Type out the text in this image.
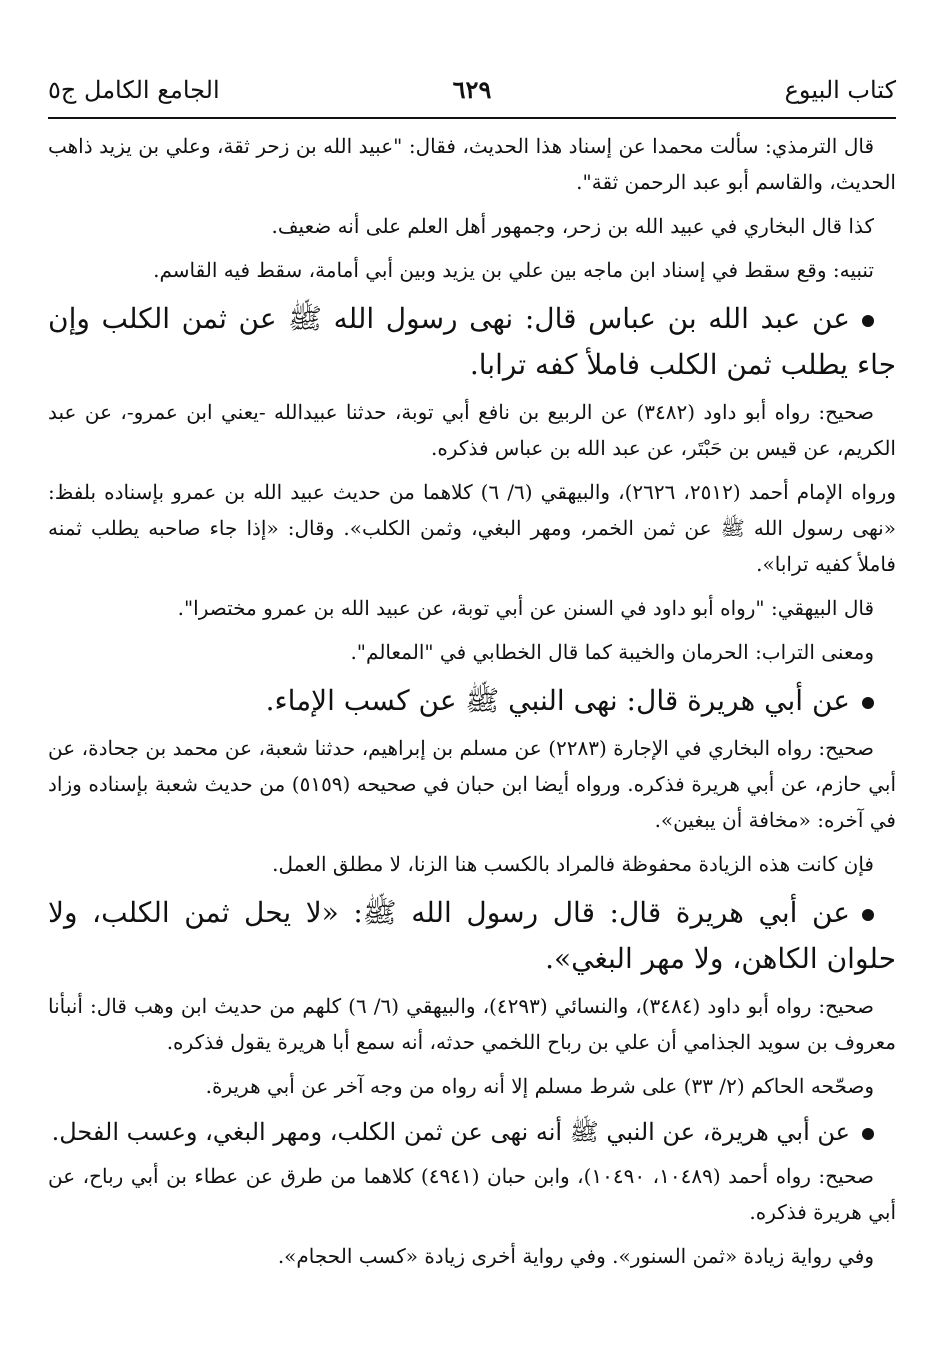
كتاب البيوع
٦٢٩
الجامع الكامل ج٥

قال الترمذي: سألت محمدا عن إسناد هذا الحديث، فقال: "عبيد الله بن زحر ثقة، وعلي بن يزيد ذاهب الحديث، والقاسم أبو عبد الرحمن ثقة".

كذا قال البخاري في عبيد الله بن زحر، وجمهور أهل العلم على أنه ضعيف.

تنبيه: وقع سقط في إسناد ابن ماجه بين علي بن يزيد وبين أبي أمامة، سقط فيه القاسم.

عن عبد الله بن عباس قال: نهى رسول الله ﷺ عن ثمن الكلب وإن جاء يطلب ثمن الكلب فاملأ كفه ترابا.

صحيح: رواه أبو داود (٣٤٨٢) عن الربيع بن نافع أبي توبة، حدثنا عبيدالله -يعني ابن عمرو-، عن عبد الكريم، عن قيس بن حَبْتَر، عن عبد الله بن عباس فذكره.

ورواه الإمام أحمد (٢٥١٢، ٢٦٢٦)، والبيهقي (٦/ ٦) كلاهما من حديث عبيد الله بن عمرو بإسناده بلفظ: «نهى رسول الله ﷺ عن ثمن الخمر، ومهر البغي، وثمن الكلب». وقال: «إذا جاء صاحبه يطلب ثمنه فاملأ كفيه ترابا».

قال البيهقي: "رواه أبو داود في السنن عن أبي توبة، عن عبيد الله بن عمرو مختصرا".

ومعنى التراب: الحرمان والخيبة كما قال الخطابي في "المعالم".

عن أبي هريرة قال: نهى النبي ﷺ عن كسب الإماء.

صحيح: رواه البخاري في الإجارة (٢٢٨٣) عن مسلم بن إبراهيم، حدثنا شعبة، عن محمد بن جحادة، عن أبي حازم، عن أبي هريرة فذكره. ورواه أيضا ابن حبان في صحيحه (٥١٥٩) من حديث شعبة بإسناده وزاد في آخره: «مخافة أن يبغين».

فإن كانت هذه الزيادة محفوظة فالمراد بالكسب هنا الزنا، لا مطلق العمل.

عن أبي هريرة قال: قال رسول الله ﷺ: «لا يحل ثمن الكلب، ولا حلوان الكاهن، ولا مهر البغي».

صحيح: رواه أبو داود (٣٤٨٤)، والنسائي (٤٢٩٣)، والبيهقي (٦/ ٦) كلهم من حديث ابن وهب قال: أنبأنا معروف بن سويد الجذامي أن علي بن رباح اللخمي حدثه، أنه سمع أبا هريرة يقول فذكره.

وصحّحه الحاكم (٢/ ٣٣) على شرط مسلم إلا أنه رواه من وجه آخر عن أبي هريرة.

عن أبي هريرة، عن النبي ﷺ أنه نهى عن ثمن الكلب، ومهر البغي، وعسب الفحل.

صحيح: رواه أحمد (١٠٤٨٩، ١٠٤٩٠)، وابن حبان (٤٩٤١) كلاهما من طرق عن عطاء بن أبي رباح، عن أبي هريرة فذكره.

وفي رواية زيادة «ثمن السنور». وفي رواية أخرى زيادة «كسب الحجام».
